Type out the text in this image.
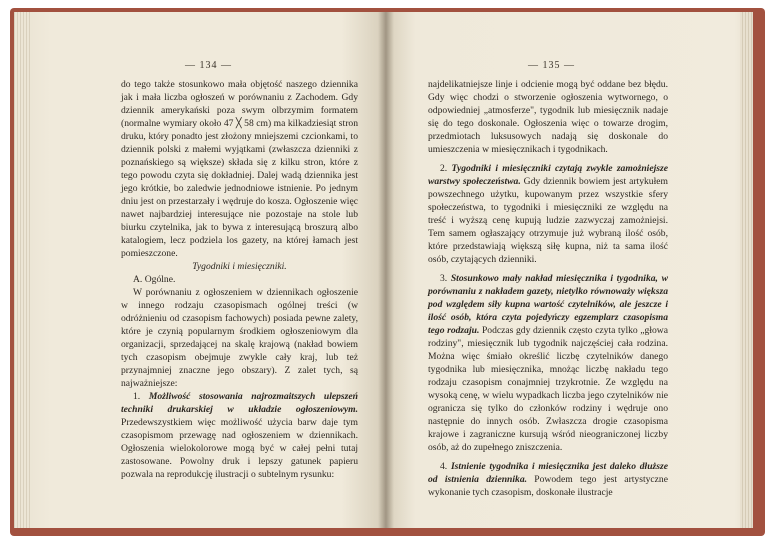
— 134 —

do tego także stosunkowo mała objętość naszego dziennika jak i mała liczba ogłoszeń w porównaniu z Zachodem. Gdy dziennik amerykański poza swym olbrzymim formatem (normalne wymiary około 47 ╳ 58 cm) ma kilkadziesiąt stron druku, który ponadto jest złożony mniejszemi czcionkami, to dziennik polski z małemi wyjątkami (zwłaszcza dzienniki z poznańskiego są większe) składa się z kilku stron, które z tego powodu czyta się dokładniej. Dalej wadą dziennika jest jego krótkie, bo zaledwie jednodniowe istnienie. Po jednym dniu jest on przestarzały i wędruje do kosza. Ogłoszenie więc nawet najbardziej interesujące nie pozostaje na stole lub biurku czytelnika, jak to bywa z interesującą broszurą albo katalogiem, lecz podziela los gazety, na której łamach jest pomieszczone.

Tygodniki i miesięczniki.

A. Ogólne.

W porównaniu z ogłoszeniem w dziennikach ogłoszenie w innego rodzaju czasopismach ogólnej treści (w odróżnieniu od czasopism fachowych) posiada pewne zalety, które je czynią popularnym środkiem ogłoszeniowym dla organizacji, sprzedającej na skalę krajową (nakład bowiem tych czasopism obejmuje zwykle cały kraj, lub też przynajmniej znaczne jego obszary). Z zalet tych, są najważniejsze:

1. Możliwość stosowania najrozmaitszych ulepszeń techniki drukarskiej w układzie ogłoszeniowym. Przedewszystkiem więc możliwość użycia barw daje tym czasopismom przewagę nad ogłoszeniem w dziennikach. Ogłoszenia wielokolorowe mogą być w całej pełni tutaj zastosowane. Powolny druk i lepszy gatunek papieru pozwala na reprodukcję ilustracji o subtelnym rysunku:

— 135 —

najdelikatniejsze linje i odcienie mogą być oddane bez błędu. Gdy więc chodzi o stworzenie ogłoszenia wytwornego, o odpowiedniej „atmosferze", tygodnik lub miesięcznik nadaje się do tego doskonale. Ogłoszenia więc o towarze drogim, przedmiotach luksusowych nadają się doskonale do umieszczenia w miesięcznikach i tygodnikach.

2. Tygodniki i miesięczniki czytają zwykle zamożniejsze warstwy społeczeństwa. Gdy dziennik bowiem jest artykułem powszechnego użytku, kupowanym przez wszystkie sfery społeczeństwa, to tygodniki i miesięczniki ze względu na treść i wyższą cenę kupują ludzie zazwyczaj zamożniejsi. Tem samem ogłaszający otrzymuje już wybraną ilość osób, które przedstawiają większą siłę kupna, niż ta sama ilość osób, czytających dzienniki.

3. Stosunkowo mały nakład miesięcznika i tygodnika, w porównaniu z nakładem gazety, nietylko równoważy większa pod względem siły kupna wartość czytelników, ale jeszcze i ilość osób, która czyta pojedyńczy egzemplarz czasopisma tego rodzaju. Podczas gdy dziennik często czyta tylko „głowa rodziny", miesięcznik lub tygodnik najczęściej cała rodzina. Można więc śmiało określić liczbę czytelników danego tygodnika lub miesięcznika, mnożąc liczbę nakładu tego rodzaju czasopism conajmniej trzykrotnie. Ze względu na wysoką cenę, w wielu wypadkach liczba jego czytelników nie ogranicza się tylko do członków rodziny i wędruje ono następnie do innych osób. Zwłaszcza drogie czasopisma krajowe i zagraniczne kursują wśród nieograniczonej liczby osób, aż do zupełnego zniszczenia.

4. Istnienie tygodnika i miesięcznika jest daleko dłuższe od istnienia dziennika. Powodem tego jest artystyczne wykonanie tych czasopism, doskonałe ilustracje
